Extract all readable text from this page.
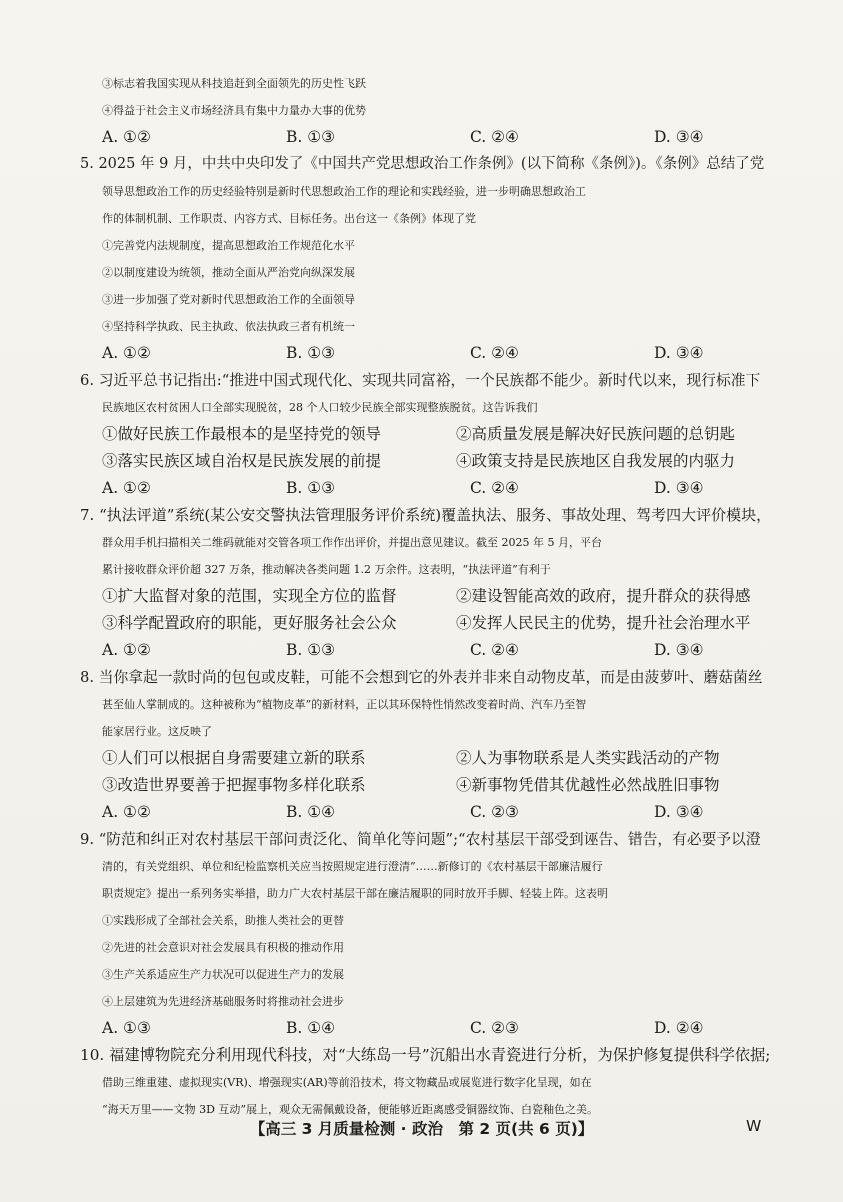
③标志着我国实现从科技追赶到全面领先的历史性飞跃
④得益于社会主义市场经济具有集中力量办大事的优势
A. ①②	B. ①③	C. ②④	D. ③④
5. 2025 年 9 月，中共中央印发了《中国共产党思想政治工作条例》(以下简称《条例》)。《条例》总结了党
领导思想政治工作的历史经验特别是新时代思想政治工作的理论和实践经验，进一步明确思想政治工
作的体制机制、工作职责、内容方式、目标任务。出台这一《条例》体现了党
①完善党内法规制度，提高思想政治工作规范化水平
②以制度建设为统领，推动全面从严治党向纵深发展
③进一步加强了党对新时代思想政治工作的全面领导
④坚持科学执政、民主执政、依法执政三者有机统一
A. ①②	B. ①③	C. ②④	D. ③④
6. 习近平总书记指出:“推进中国式现代化、实现共同富裕，一个民族都不能少。新时代以来，现行标准下
民族地区农村贫困人口全部实现脱贫，28 个人口较少民族全部实现整族脱贫。这告诉我们
①做好民族工作最根本的是坚持党的领导	②高质量发展是解决好民族问题的总钥匙
③落实民族区域自治权是民族发展的前提	④政策支持是民族地区自我发展的内驱力
A. ①②	B. ①③	C. ②④	D. ③④
7. “执法评道”系统(某公安交警执法管理服务评价系统)覆盖执法、服务、事故处理、驾考四大评价模块，
群众用手机扫描相关二维码就能对交管各项工作作出评价，并提出意见建议。截至 2025 年 5 月，平台
累计接收群众评价超 327 万条，推动解决各类问题 1.2 万余件。这表明，“执法评道”有利于
①扩大监督对象的范围，实现全方位的监督	②建设智能高效的政府，提升群众的获得感
③科学配置政府的职能，更好服务社会公众	④发挥人民民主的优势，提升社会治理水平
A. ①②	B. ①③	C. ②④	D. ③④
8. 当你拿起一款时尚的包包或皮鞋，可能不会想到它的外表并非来自动物皮革，而是由菠萝叶、蘑菇菌丝
甚至仙人掌制成的。这种被称为“植物皮革”的新材料，正以其环保特性悄然改变着时尚、汽车乃至智
能家居行业。这反映了
①人们可以根据自身需要建立新的联系	②人为事物联系是人类实践活动的产物
③改造世界要善于把握事物多样化联系	④新事物凭借其优越性必然战胜旧事物
A. ①②	B. ①④	C. ②③	D. ③④
9. “防范和纠正对农村基层干部问责泛化、简单化等问题”;“农村基层干部受到诬告、错告，有必要予以澄
清的，有关党组织、单位和纪检监察机关应当按照规定进行澄清”……新修订的《农村基层干部廉洁履行
职责规定》提出一系列务实举措，助力广大农村基层干部在廉洁履职的同时放开手脚、轻装上阵。这表明
①实践形成了全部社会关系，助推人类社会的更替
②先进的社会意识对社会发展具有积极的推动作用
③生产关系适应生产力状况可以促进生产力的发展
④上层建筑为先进经济基础服务时将推动社会进步
A. ①③	B. ①④	C. ②③	D. ②④
10. 福建博物院充分利用现代科技，对“大练岛一号”沉船出水青瓷进行分析，为保护修复提供科学依据;
借助三维重建、虚拟现实(VR)、增强现实(AR)等前沿技术，将文物藏品或展览进行数字化呈现，如在
“海天万里——文物 3D 互动”展上，观众无需佩戴设备，便能够近距离感受铜器纹饰、白瓷釉色之美。
【高三 3 月质量检测 · 政治　第 2 页(共 6 页)】	W
